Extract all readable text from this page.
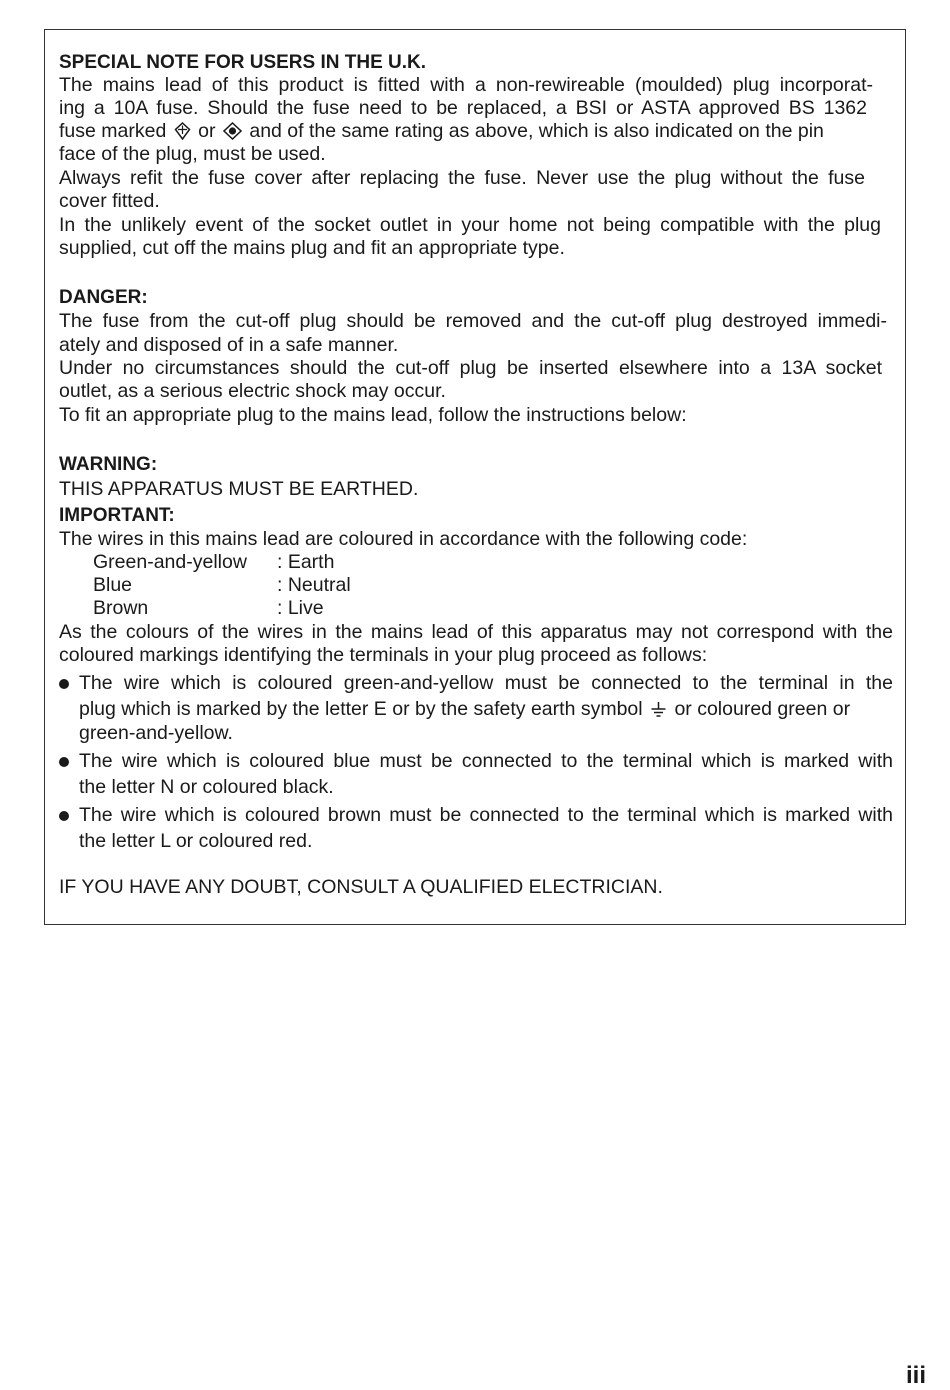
SPECIAL NOTE FOR USERS IN THE U.K.
The mains lead of this product is fitted with a non-rewireable (moulded) plug incorporat-
ing a 10A fuse. Should the fuse need to be replaced, a BSI or ASTA approved BS 1362
fuse marked or and of the same rating as above, which is also indicated on the pin
face of the plug, must be used.
Always refit the fuse cover after replacing the fuse. Never use the plug without the fuse
cover fitted.
In the unlikely event of the socket outlet in your home not being compatible with the plug
supplied, cut off the mains plug and fit an appropriate type.
DANGER:
The fuse from the cut-off plug should be removed and the cut-off plug destroyed immedi-
ately and disposed of in a safe manner.
Under no circumstances should the cut-off plug be inserted elsewhere into a 13A socket
outlet, as a serious electric shock may occur.
To fit an appropriate plug to the mains lead, follow the instructions below:
WARNING:
THIS APPARATUS MUST BE EARTHED.
IMPORTANT:
The wires in this mains lead are coloured in accordance with the following code:
Green-and-yellow : Earth
Blue	: Neutral
Brown	: Live
As the colours of the wires in the mains lead of this apparatus may not correspond with the
coloured markings identifying the terminals in your plug proceed as follows:
The wire which is coloured green-and-yellow must be connected to the terminal in the
plug which is marked by the letter E or by the safety earth symbol or coloured green or
green-and-yellow.
The wire which is coloured blue must be connected to the terminal which is marked with
the letter N or coloured black.
The wire which is coloured brown must be connected to the terminal which is marked with
the letter L or coloured red.
IF YOU HAVE ANY DOUBT, CONSULT A QUALIFIED ELECTRICIAN.
iii
